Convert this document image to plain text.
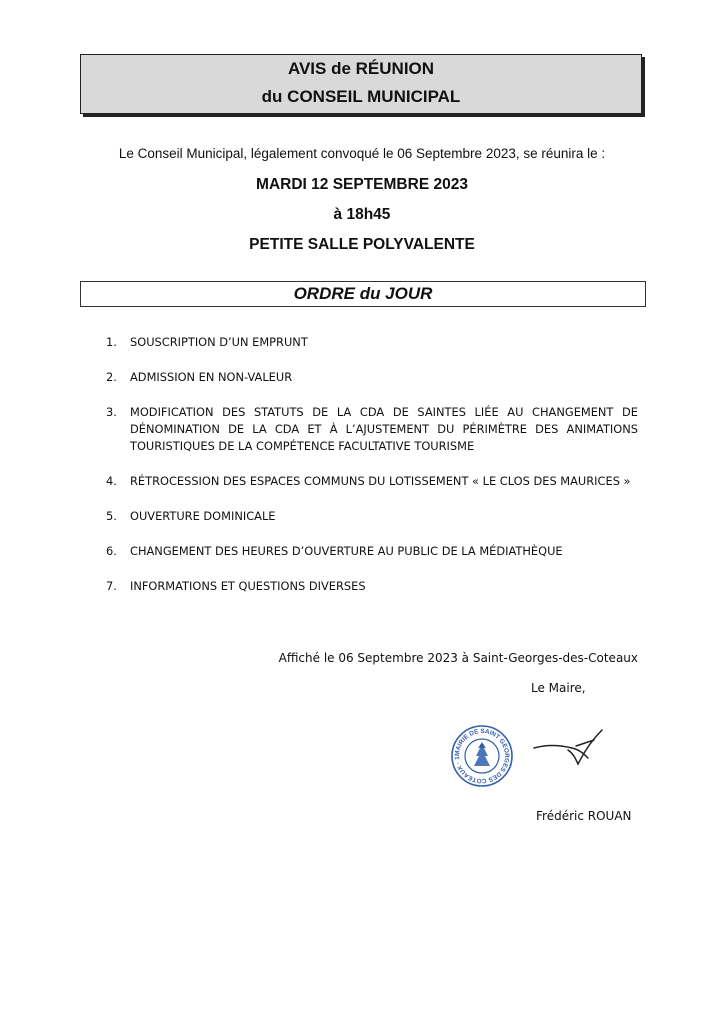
AVIS de RÉUNION
du CONSEIL MUNICIPAL
Le Conseil Municipal, légalement convoqué le 06 Septembre 2023, se réunira le :
MARDI 12 SEPTEMBRE 2023
à 18h45
PETITE SALLE POLYVALENTE
ORDRE du JOUR
1. SOUSCRIPTION D’UN EMPRUNT
2. ADMISSION EN NON-VALEUR
3. MODIFICATION DES STATUTS DE LA CDA DE SAINTES LIÉE AU CHANGEMENT DE DÉNOMINATION DE LA CDA ET À L’AJUSTEMENT DU PÉRIMÈTRE DES ANIMATIONS TOURISTIQUES DE LA COMPÉTENCE FACULTATIVE TOURISME
4. RÉTROCESSION DES ESPACES COMMUNS DU LOTISSEMENT « LE CLOS DES MAURICES »
5. OUVERTURE DOMINICALE
6. CHANGEMENT DES HEURES D’OUVERTURE AU PUBLIC DE LA MÉDIATHÈQUE
7. INFORMATIONS ET QUESTIONS DIVERSES
Affiché le 06 Septembre 2023 à Saint-Georges-des-Coteaux
Le Maire,
MAIRIE DE SAINT GEORGES DES COTEAUX · 1
Frédéric ROUAN
